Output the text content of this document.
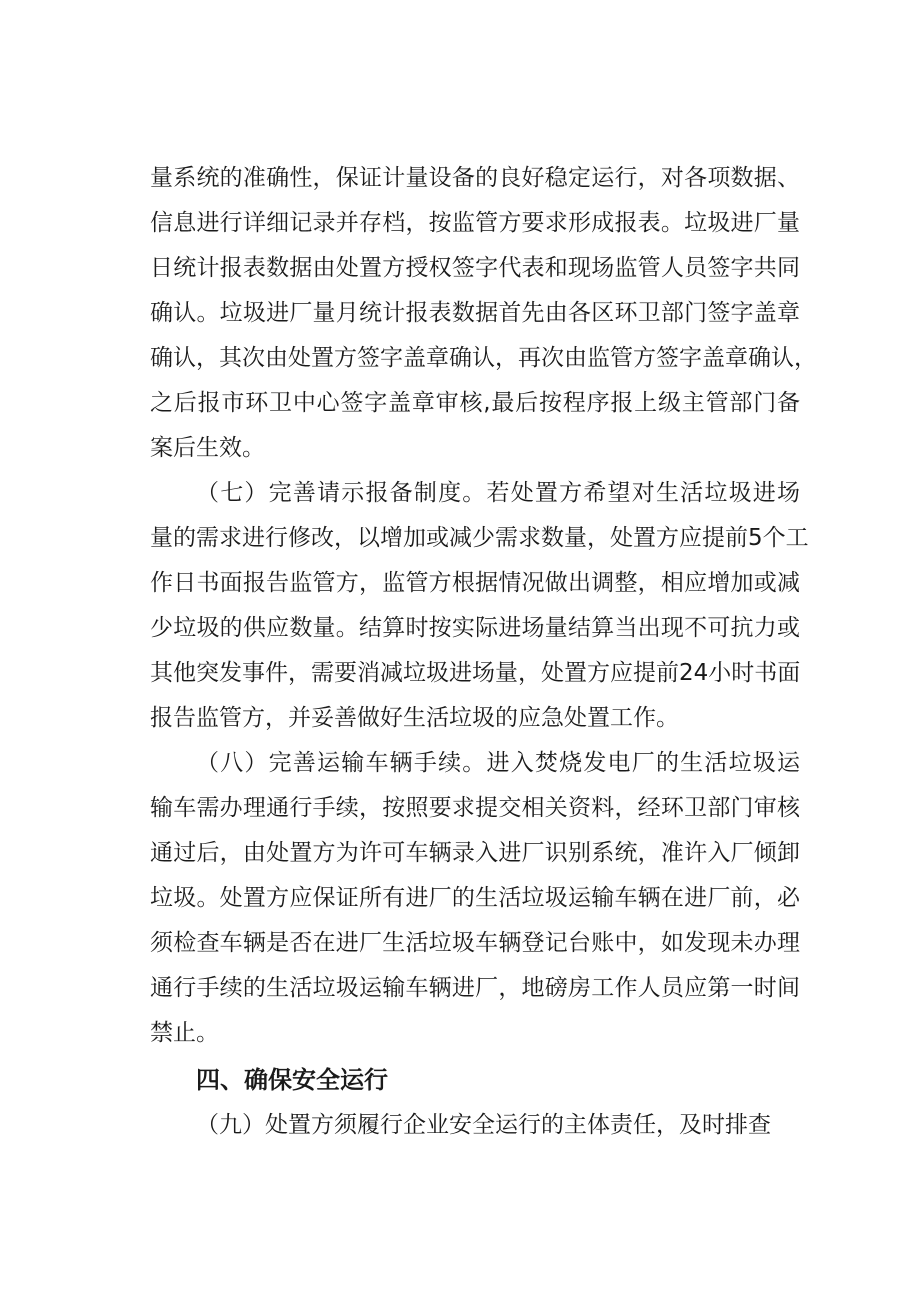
量系统的准确性，保证计量设备的良好稳定运行，对各项数据、
信息进行详细记录并存档，按监管方要求形成报表。垃圾进厂量
日统计报表数据由处置方授权签字代表和现场监管人员签字共同
确认。垃圾进厂量月统计报表数据首先由各区环卫部门签字盖章
确认，其次由处置方签字盖章确认，再次由监管方签字盖章确认，
之后报市环卫中心签字盖章审核,最后按程序报上级主管部门备
案后生效。
（七）完善请示报备制度。若处置方希望对生活垃圾进场
量的需求进行修改，以增加或减少需求数量，处置方应提前5个工
作日书面报告监管方，监管方根据情况做出调整，相应增加或减
少垃圾的供应数量。结算时按实际进场量结算当出现不可抗力或
其他突发事件，需要消减垃圾进场量，处置方应提前24小时书面
报告监管方，并妥善做好生活垃圾的应急处置工作。
（八）完善运输车辆手续。进入焚烧发电厂的生活垃圾运
输车需办理通行手续，按照要求提交相关资料，经环卫部门审核
通过后，由处置方为许可车辆录入进厂识别系统，准许入厂倾卸
垃圾。处置方应保证所有进厂的生活垃圾运输车辆在进厂前，必
须检查车辆是否在进厂生活垃圾车辆登记台账中，如发现未办理
通行手续的生活垃圾运输车辆进厂，地磅房工作人员应第一时间
禁止。
四、确保安全运行
（九）处置方须履行企业安全运行的主体责任，及时排查
